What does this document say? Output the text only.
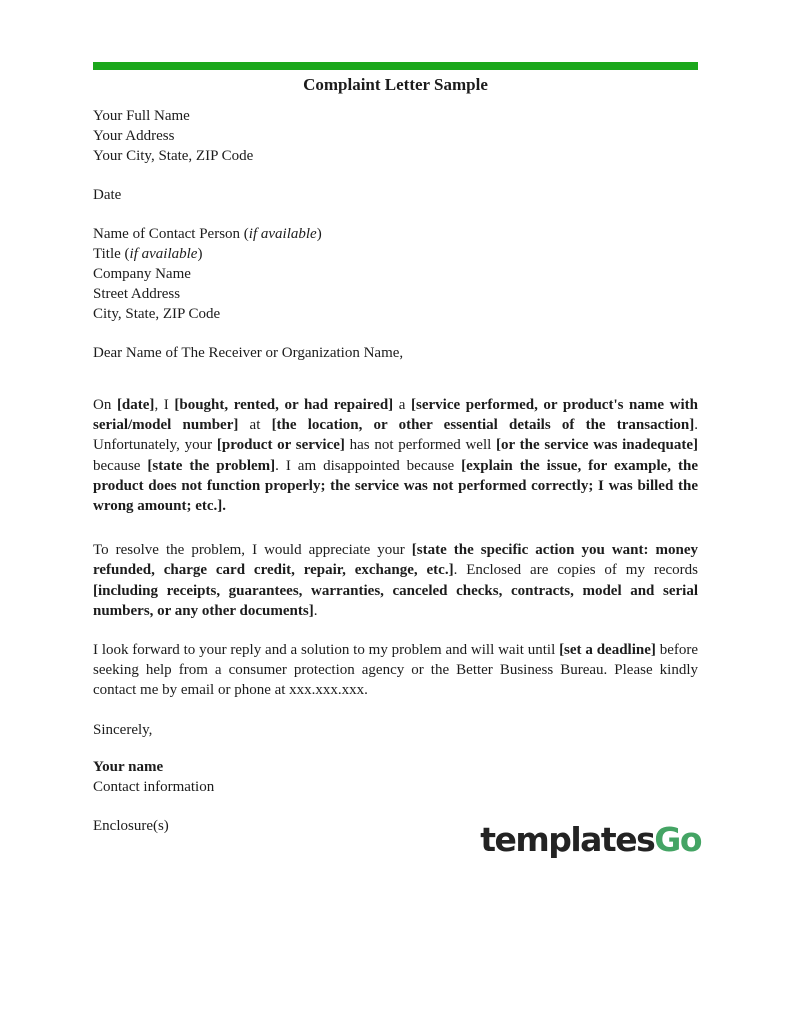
Complaint Letter Sample
Your Full Name
Your Address
Your City, State, ZIP Code
Date
Name of Contact Person (if available)
Title (if available)
Company Name
Street Address
City, State, ZIP Code
Dear Name of The Receiver or Organization Name,

On [date], I [bought, rented, or had repaired] a [service performed, or product's name with serial/model number] at [the location, or other essential details of the transaction]. Unfortunately, your [product or service] has not performed well [or the service was inadequate] because [state the problem]. I am disappointed because [explain the issue, for example, the product does not function properly; the service was not performed correctly; I was billed the wrong amount; etc.].

To resolve the problem, I would appreciate your [state the specific action you want: money refunded, charge card credit, repair, exchange, etc.]. Enclosed are copies of my records [including receipts, guarantees, warranties, canceled checks, contracts, model and serial numbers, or any other documents].

I look forward to your reply and a solution to my problem and will wait until [set a deadline] before seeking help from a consumer protection agency or the Better Business Bureau. Please kindly contact me by email or phone at xxx.xxx.xxx.

Sincerely,
Your name
Contact information
Enclosure(s)	templatesGo
